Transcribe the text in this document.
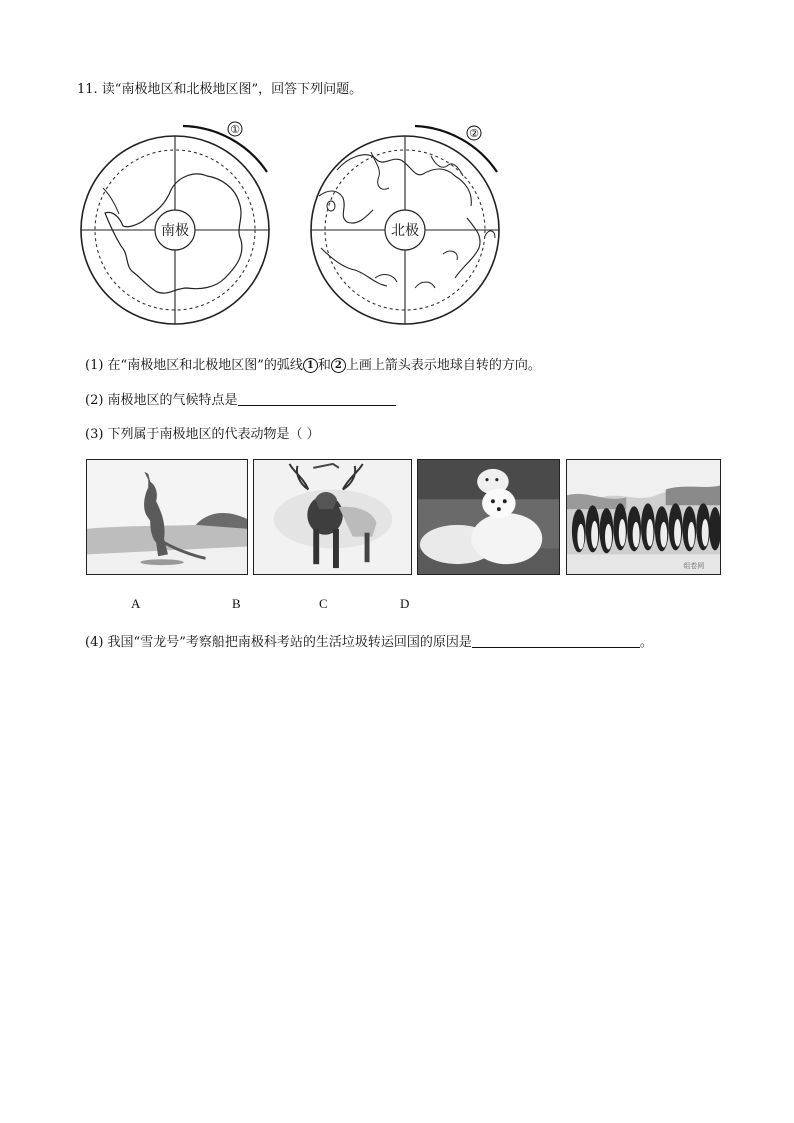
11. 读“南极地区和北极地区图”，回答下列问题。
南极
①
北极
②
(1) 在“南极地区和北极地区图”的弧线 1 和 2 上画上箭头表示地球自转的方向。
(2) 南极地区的气候特点是
(3) 下列属于南极地区的代表动物是（ ）
组卷网
A	B	C	D
(4) 我国“雪龙号”考察船把南极科考站的生活垃圾转运回国的原因是	。
